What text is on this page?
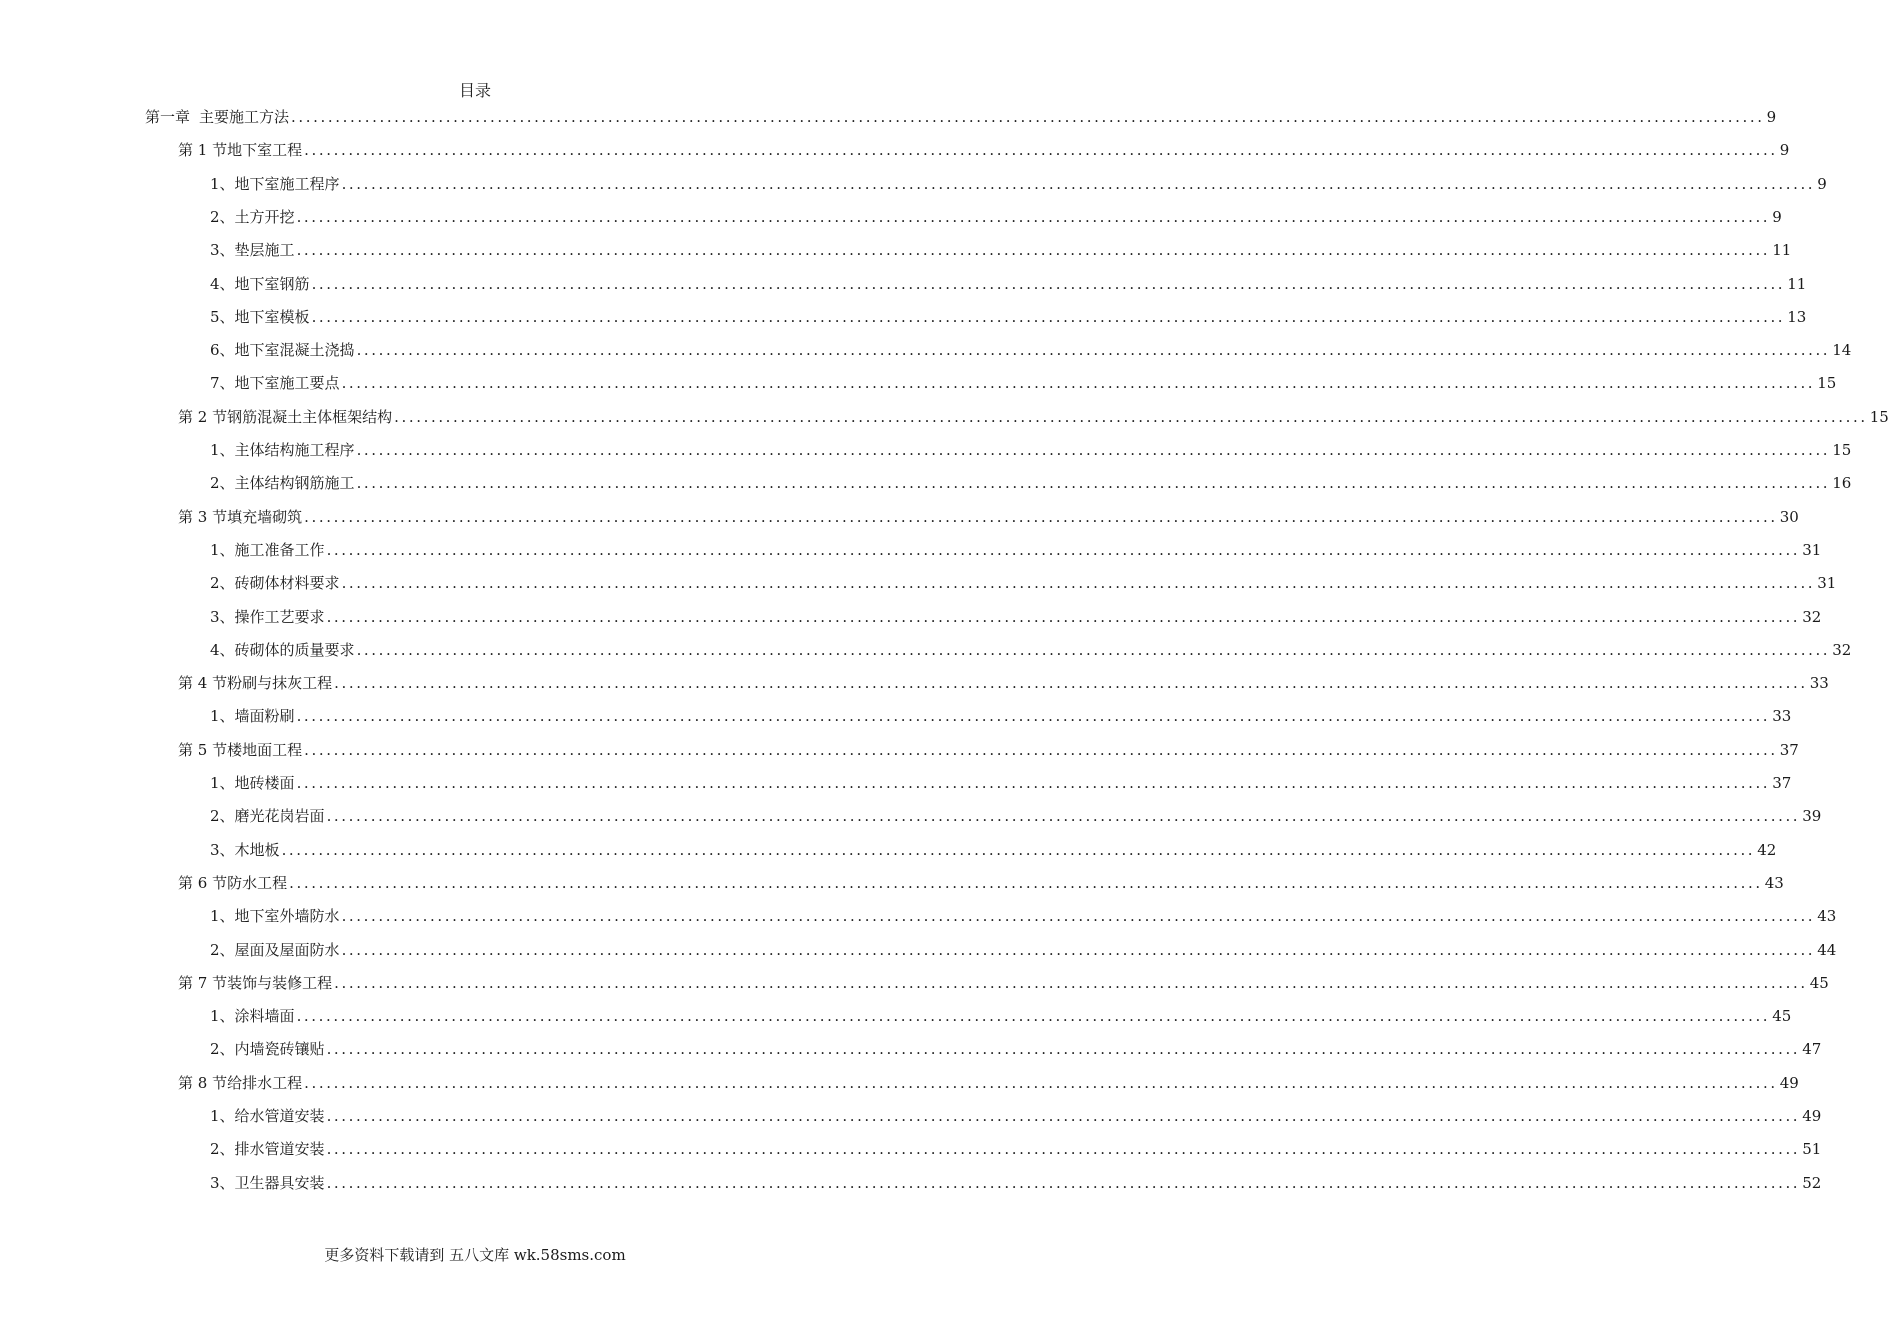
目录
第一章 主要施工方法 ........................................................................................................................................................................................................ 9
第 1 节 地下室工程 ........................................................................................................................................................................................................ 9
1、 地下室施工程序 ........................................................................................................................................................................................................ 9
2、 土方开挖 ........................................................................................................................................................................................................ 9
3、 垫层施工 ........................................................................................................................................................................................................ 11
4、 地下室钢筋 ........................................................................................................................................................................................................ 11
5、 地下室模板 ........................................................................................................................................................................................................ 13
6、 地下室混凝土浇捣 ........................................................................................................................................................................................................ 14
7、 地下室施工要点 ........................................................................................................................................................................................................ 15
第 2 节 钢筋混凝土主体框架结构 ........................................................................................................................................................................................................ 15
1、 主体结构施工程序 ........................................................................................................................................................................................................ 15
2、 主体结构钢筋施工 ........................................................................................................................................................................................................ 16
第 3 节 填充墙砌筑 ........................................................................................................................................................................................................ 30
1、 施工准备工作 ........................................................................................................................................................................................................ 31
2、 砖砌体材料要求 ........................................................................................................................................................................................................ 31
3、 操作工艺要求 ........................................................................................................................................................................................................ 32
4、 砖砌体的质量要求 ........................................................................................................................................................................................................ 32
第 4 节 粉刷与抹灰工程 ........................................................................................................................................................................................................ 33
1、 墙面粉刷 ........................................................................................................................................................................................................ 33
第 5 节 楼地面工程 ........................................................................................................................................................................................................ 37
1、 地砖楼面 ........................................................................................................................................................................................................ 37
2、 磨光花岗岩面 ........................................................................................................................................................................................................ 39
3、 木地板 ........................................................................................................................................................................................................ 42
第 6 节 防水工程 ........................................................................................................................................................................................................ 43
1、 地下室外墙防水 ........................................................................................................................................................................................................ 43
2、 屋面及屋面防水 ........................................................................................................................................................................................................ 44
第 7 节 装饰与装修工程 ........................................................................................................................................................................................................ 45
1、 涂料墙面 ........................................................................................................................................................................................................ 45
2、 内墙瓷砖镶贴 ........................................................................................................................................................................................................ 47
第 8 节 给排水工程 ........................................................................................................................................................................................................ 49
1、 给水管道安装 ........................................................................................................................................................................................................ 49
2、 排水管道安装 ........................................................................................................................................................................................................ 51
3、 卫生器具安装 ........................................................................................................................................................................................................ 52
更多资料下载请到 五八文库 wk.58sms.com
